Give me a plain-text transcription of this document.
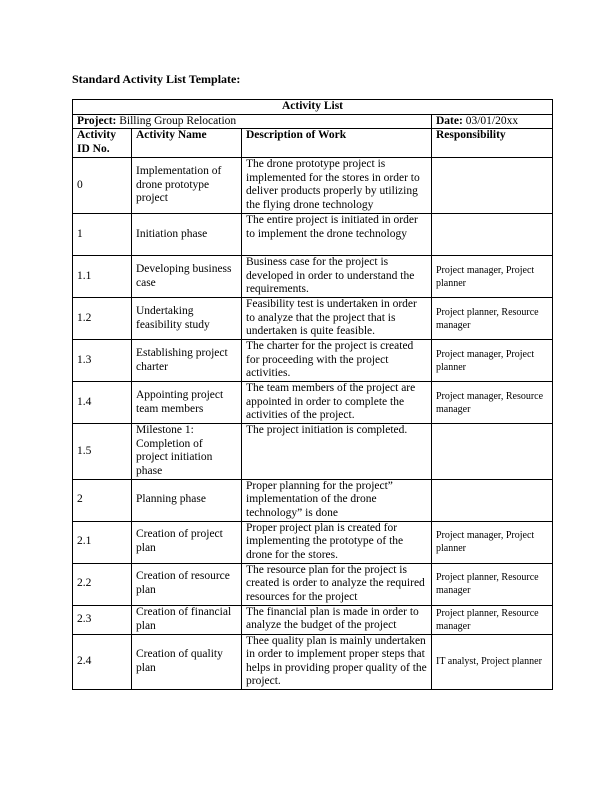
Standard Activity List Template:
Activity List			
Project: Billing Group Relocation			Date: 03/01/20xx
Activity ID No.	Activity Name	Description of Work	Responsibility
0	Implementation of drone prototype project	The drone prototype project is implemented for the stores in order to deliver products properly by utilizing the flying drone technology	
1	Initiation phase	The entire project is initiated in order to implement the drone technology	
1.1	Developing business case	Business case for the project is developed in order to understand the requirements.	Project manager, Project planner
1.2	Undertaking feasibility study	Feasibility test is undertaken in order to analyze that the project that is undertaken is quite feasible.	Project planner, Resource manager
1.3	Establishing project charter	The charter for the project is created for proceeding with the project activities.	Project manager, Project planner
1.4	Appointing project team members	The team members of the project are appointed in order to complete the activities of the project.	Project manager, Resource manager
1.5	Milestone 1: Completion of project initiation phase	The project initiation is completed.	
2	Planning phase	Proper planning for the project” implementation of the drone technology” is done	
2.1	Creation of project plan	Proper project plan is created for implementing the prototype of the drone for the stores.	Project manager, Project planner
2.2	Creation of resource plan	The resource plan for the project is created is order to analyze the required resources for the project	Project planner, Resource manager
2.3	Creation of financial plan	The financial plan is made in order to analyze the budget of the project	Project planner, Resource manager
2.4	Creation of quality plan	Thee quality plan is mainly undertaken in order to implement proper steps that helps in providing proper quality of the project.	IT analyst, Project planner
